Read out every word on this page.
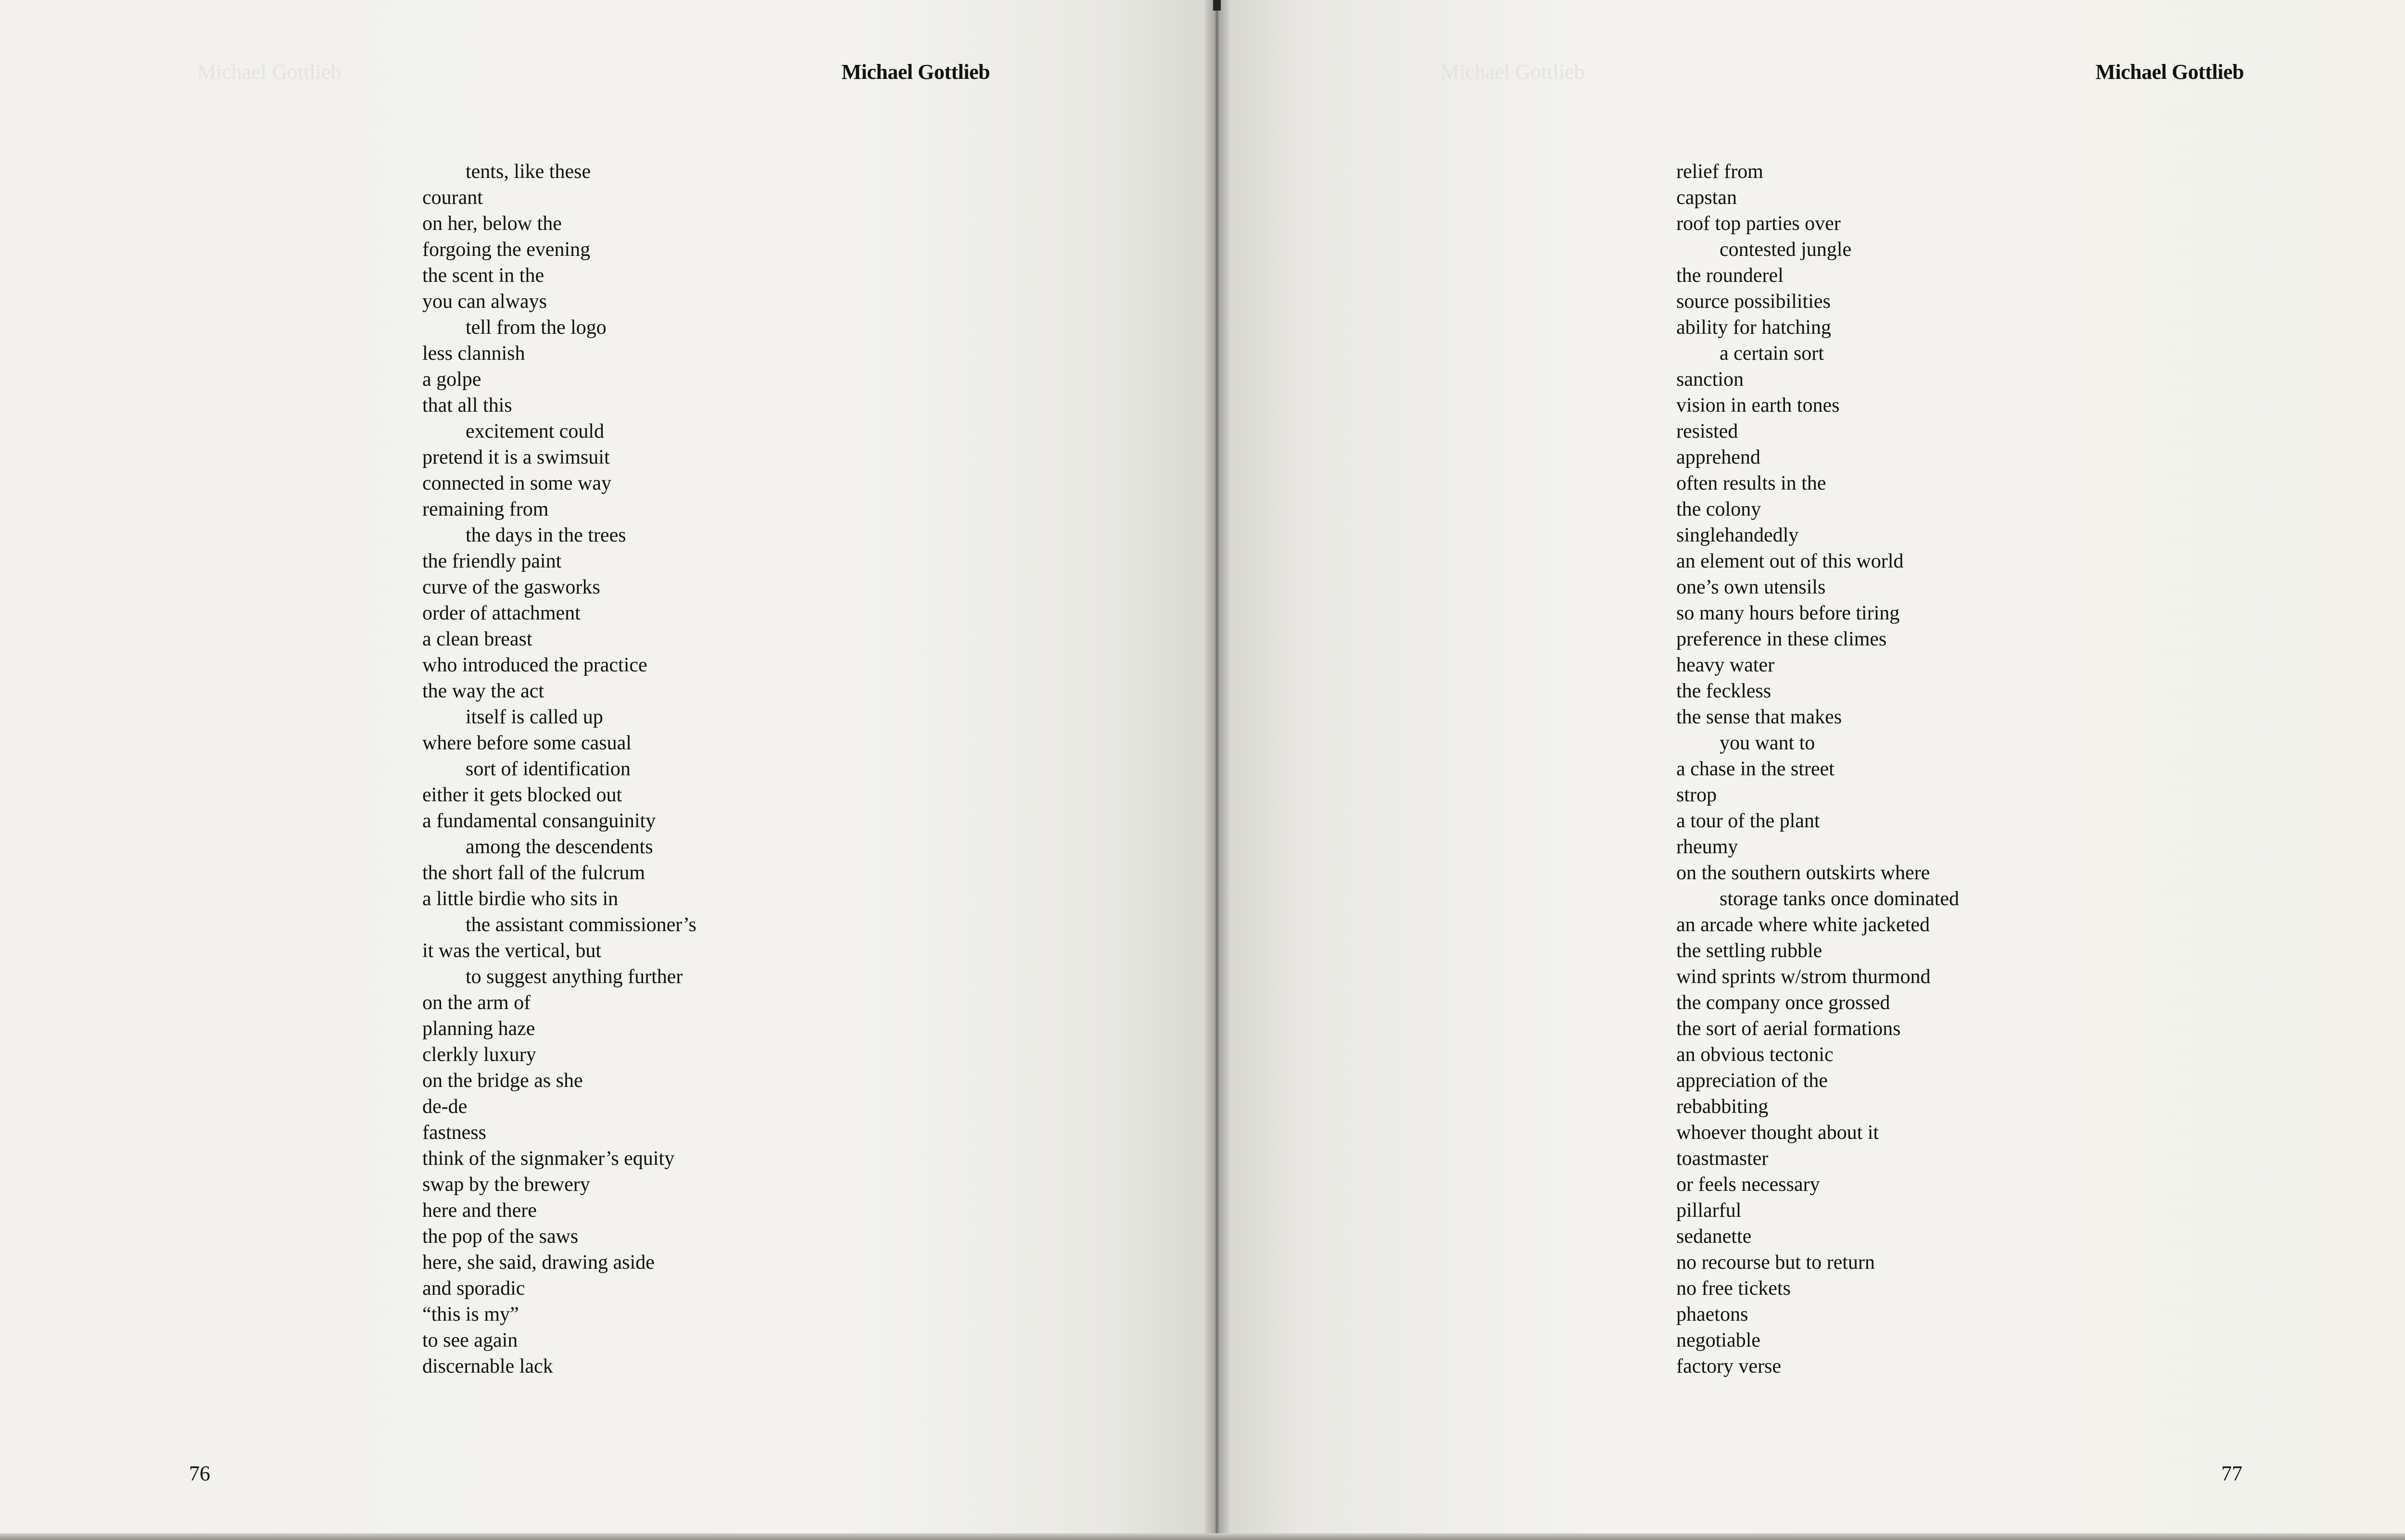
Michael Gottlieb	Michael Gottlieb
tents, like these
courant
on her, below the
forgoing the evening
the scent in the
you can always
tell from the logo
less clannish
a golpe
that all this
excitement could
pretend it is a swimsuit
connected in some way
remaining from
the days in the trees
the friendly paint
curve of the gasworks
order of attachment
a clean breast
who introduced the practice
the way the act
itself is called up
where before some casual
sort of identification
either it gets blocked out
a fundamental consanguinity
among the descendents
the short fall of the fulcrum
a little birdie who sits in
the assistant commissioner’s
it was the vertical, but
to suggest anything further
on the arm of
planning haze
clerkly luxury
on the bridge as she
de-de
fastness
think of the signmaker’s equity
swap by the brewery
here and there
the pop of the saws
here, she said, drawing aside
and sporadic
“this is my”
to see again
discernable lack
76
Michael Gottlieb	Michael Gottlieb
relief from
capstan
roof top parties over
contested jungle
the rounderel
source possibilities
ability for hatching
a certain sort
sanction
vision in earth tones
resisted
apprehend
often results in the
the colony
singlehandedly
an element out of this world
one’s own utensils
so many hours before tiring
preference in these climes
heavy water
the feckless
the sense that makes
you want to
a chase in the street
strop
a tour of the plant
rheumy
on the southern outskirts where
storage tanks once dominated
an arcade where white jacketed
the settling rubble
wind sprints w/strom thurmond
the company once grossed
the sort of aerial formations
an obvious tectonic
appreciation of the
rebabbiting
whoever thought about it
toastmaster
or feels necessary
pillarful
sedanette
no recourse but to return
no free tickets
phaetons
negotiable
factory verse
77
